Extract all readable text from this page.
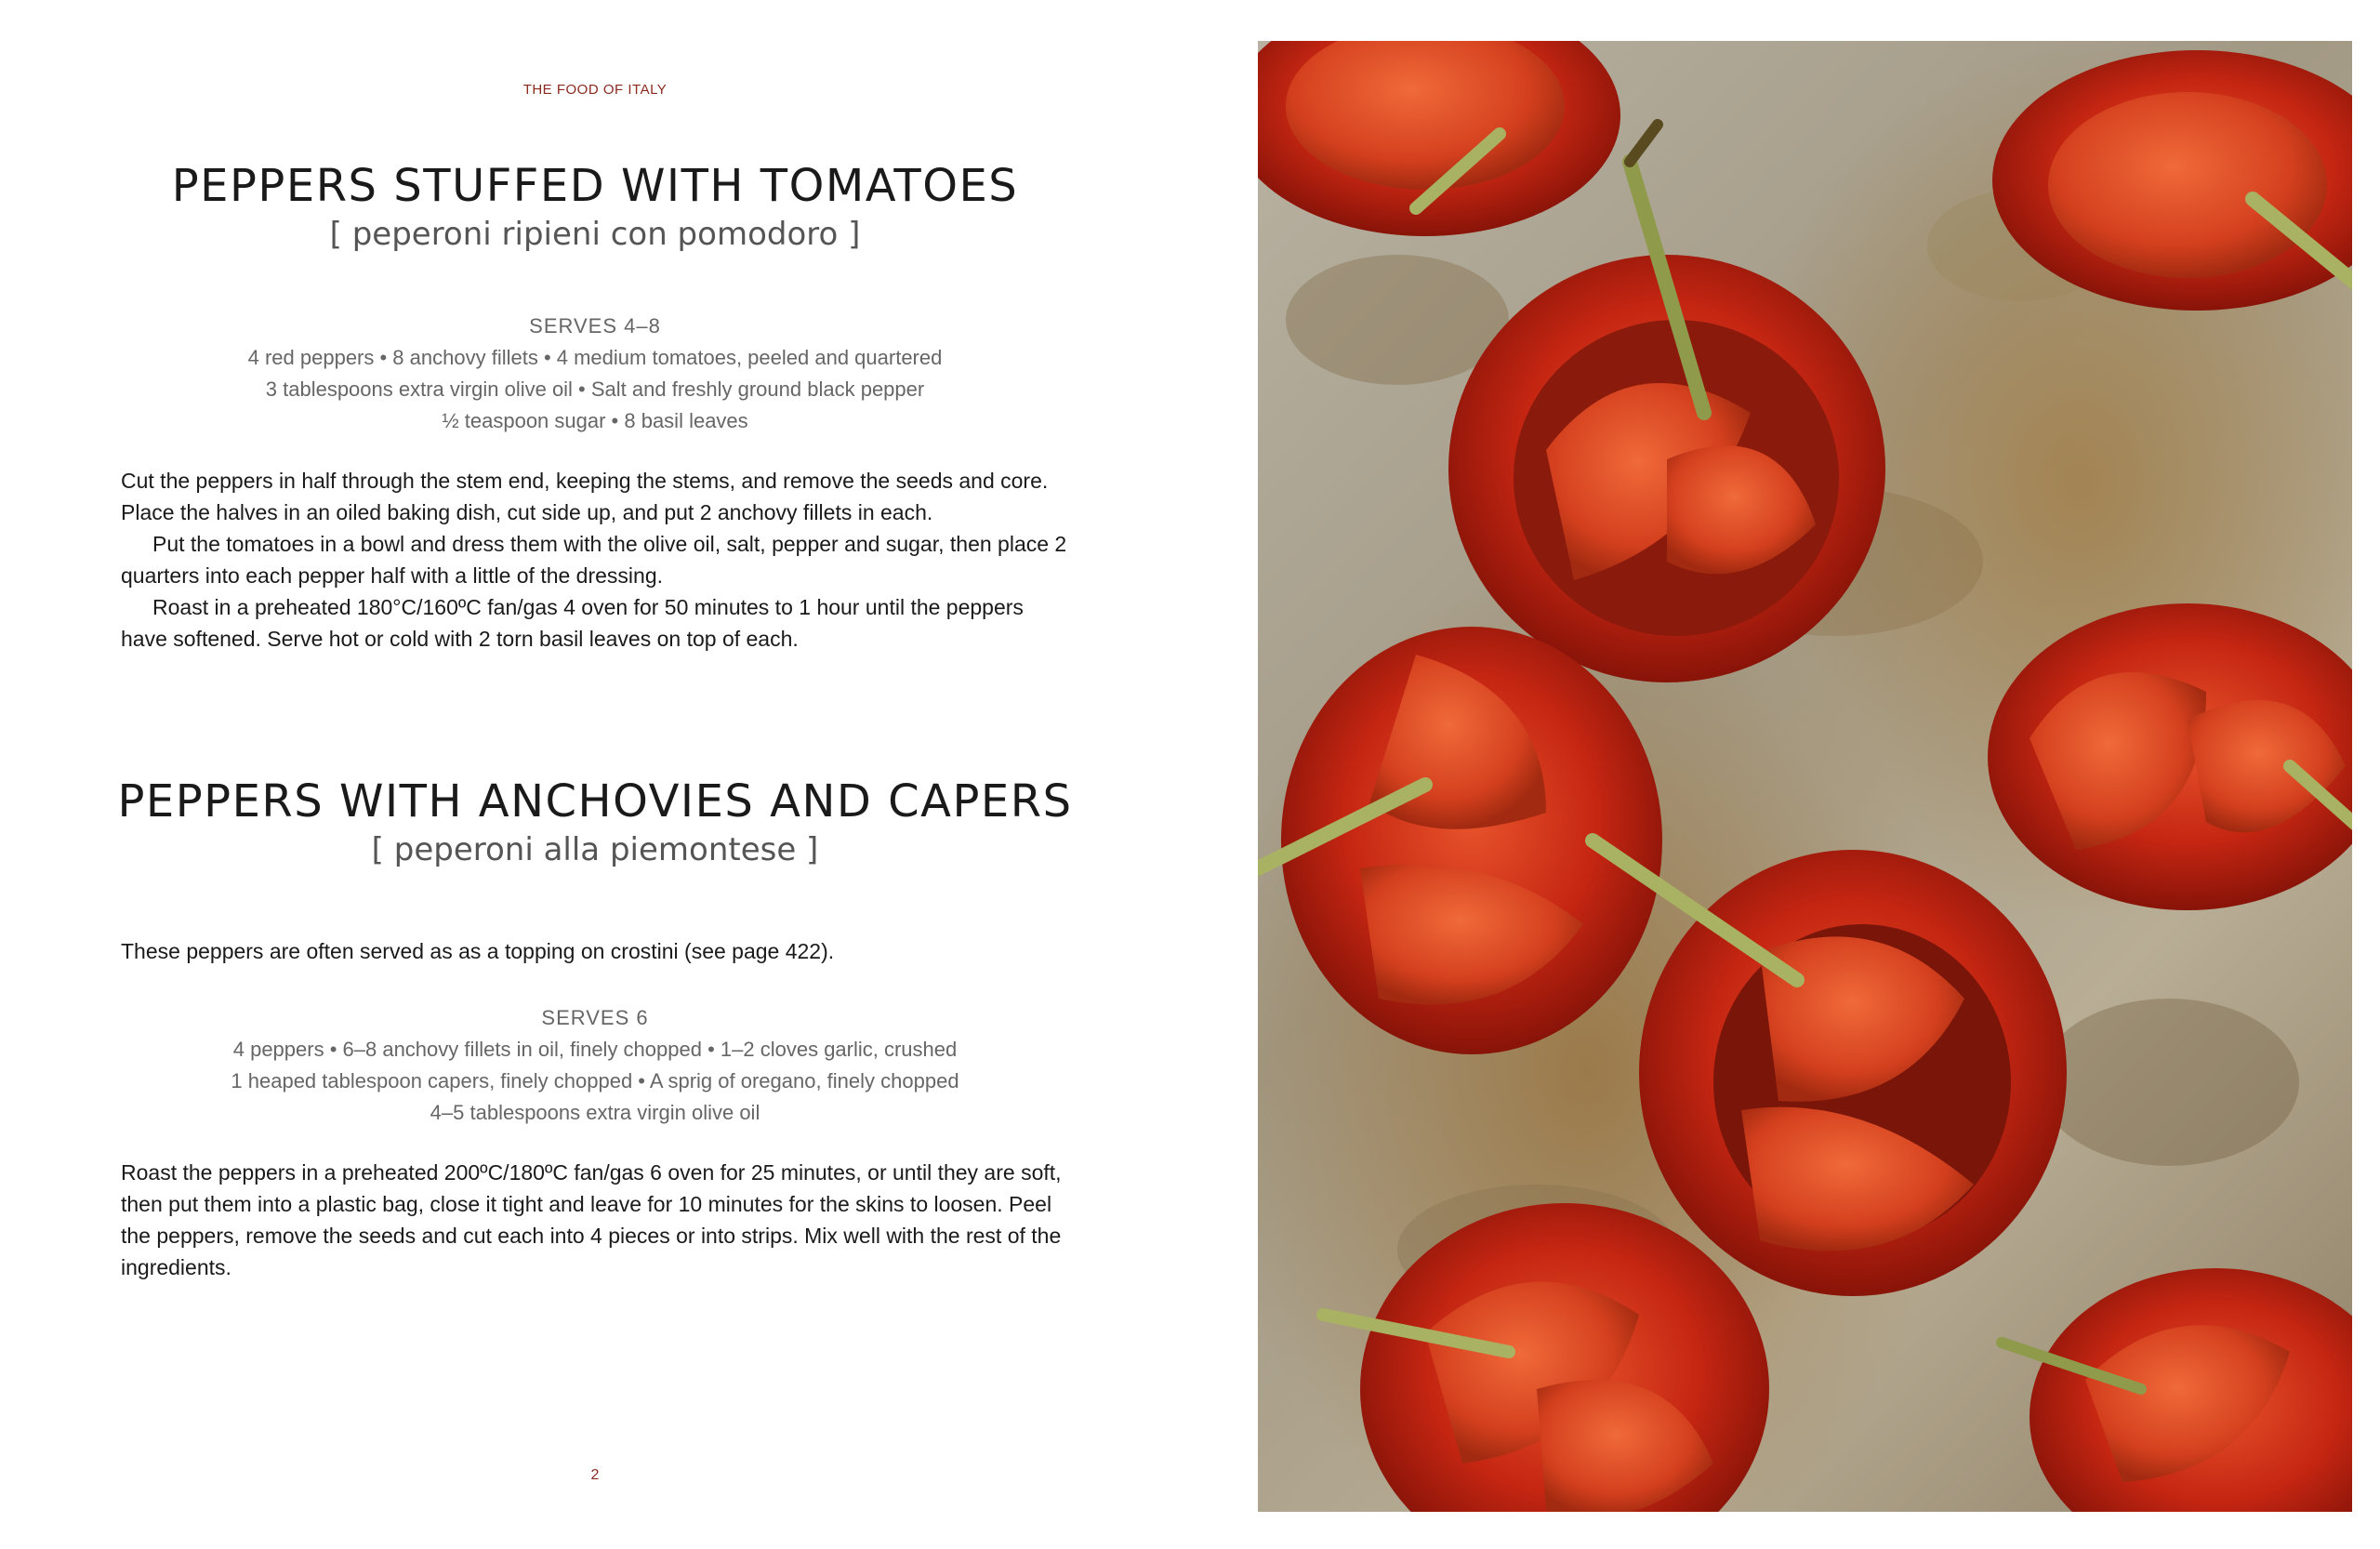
THE FOOD OF ITALY
PEPPERS STUFFED WITH TOMATOES
[ peperoni ripieni con pomodoro ]
SERVES 4–8
4 red peppers • 8 anchovy fillets • 4 medium tomatoes, peeled and quartered
3 tablespoons extra virgin olive oil • Salt and freshly ground black pepper
½ teaspoon sugar • 8 basil leaves

Cut the peppers in half through the stem end, keeping the stems, and remove the seeds and core. Place the halves in an oiled baking dish, cut side up, and put 2 anchovy fillets in each.

Put the tomatoes in a bowl and dress them with the olive oil, salt, pepper and sugar, then place 2 quarters into each pepper half with a little of the dressing.

Roast in a preheated 180°C/160ºC fan/gas 4 oven for 50 minutes to 1 hour until the peppers have softened. Serve hot or cold with 2 torn basil leaves on top of each.

PEPPERS WITH ANCHOVIES AND CAPERS
[ peperoni alla piemontese ]
These peppers are often served as as a topping on crostini (see page 422).
SERVES 6
4 peppers • 6–8 anchovy fillets in oil, finely chopped • 1–2 cloves garlic, crushed
1 heaped tablespoon capers, finely chopped • A sprig of oregano, finely chopped
4–5 tablespoons extra virgin olive oil

Roast the peppers in a preheated 200ºC/180ºC fan/gas 6 oven for 25 minutes, or until they are soft, then put them into a plastic bag, close it tight and leave for 10 minutes for the skins to loosen. Peel the peppers, remove the seeds and cut each into 4 pieces or into strips. Mix well with the rest of the ingredients.

2
